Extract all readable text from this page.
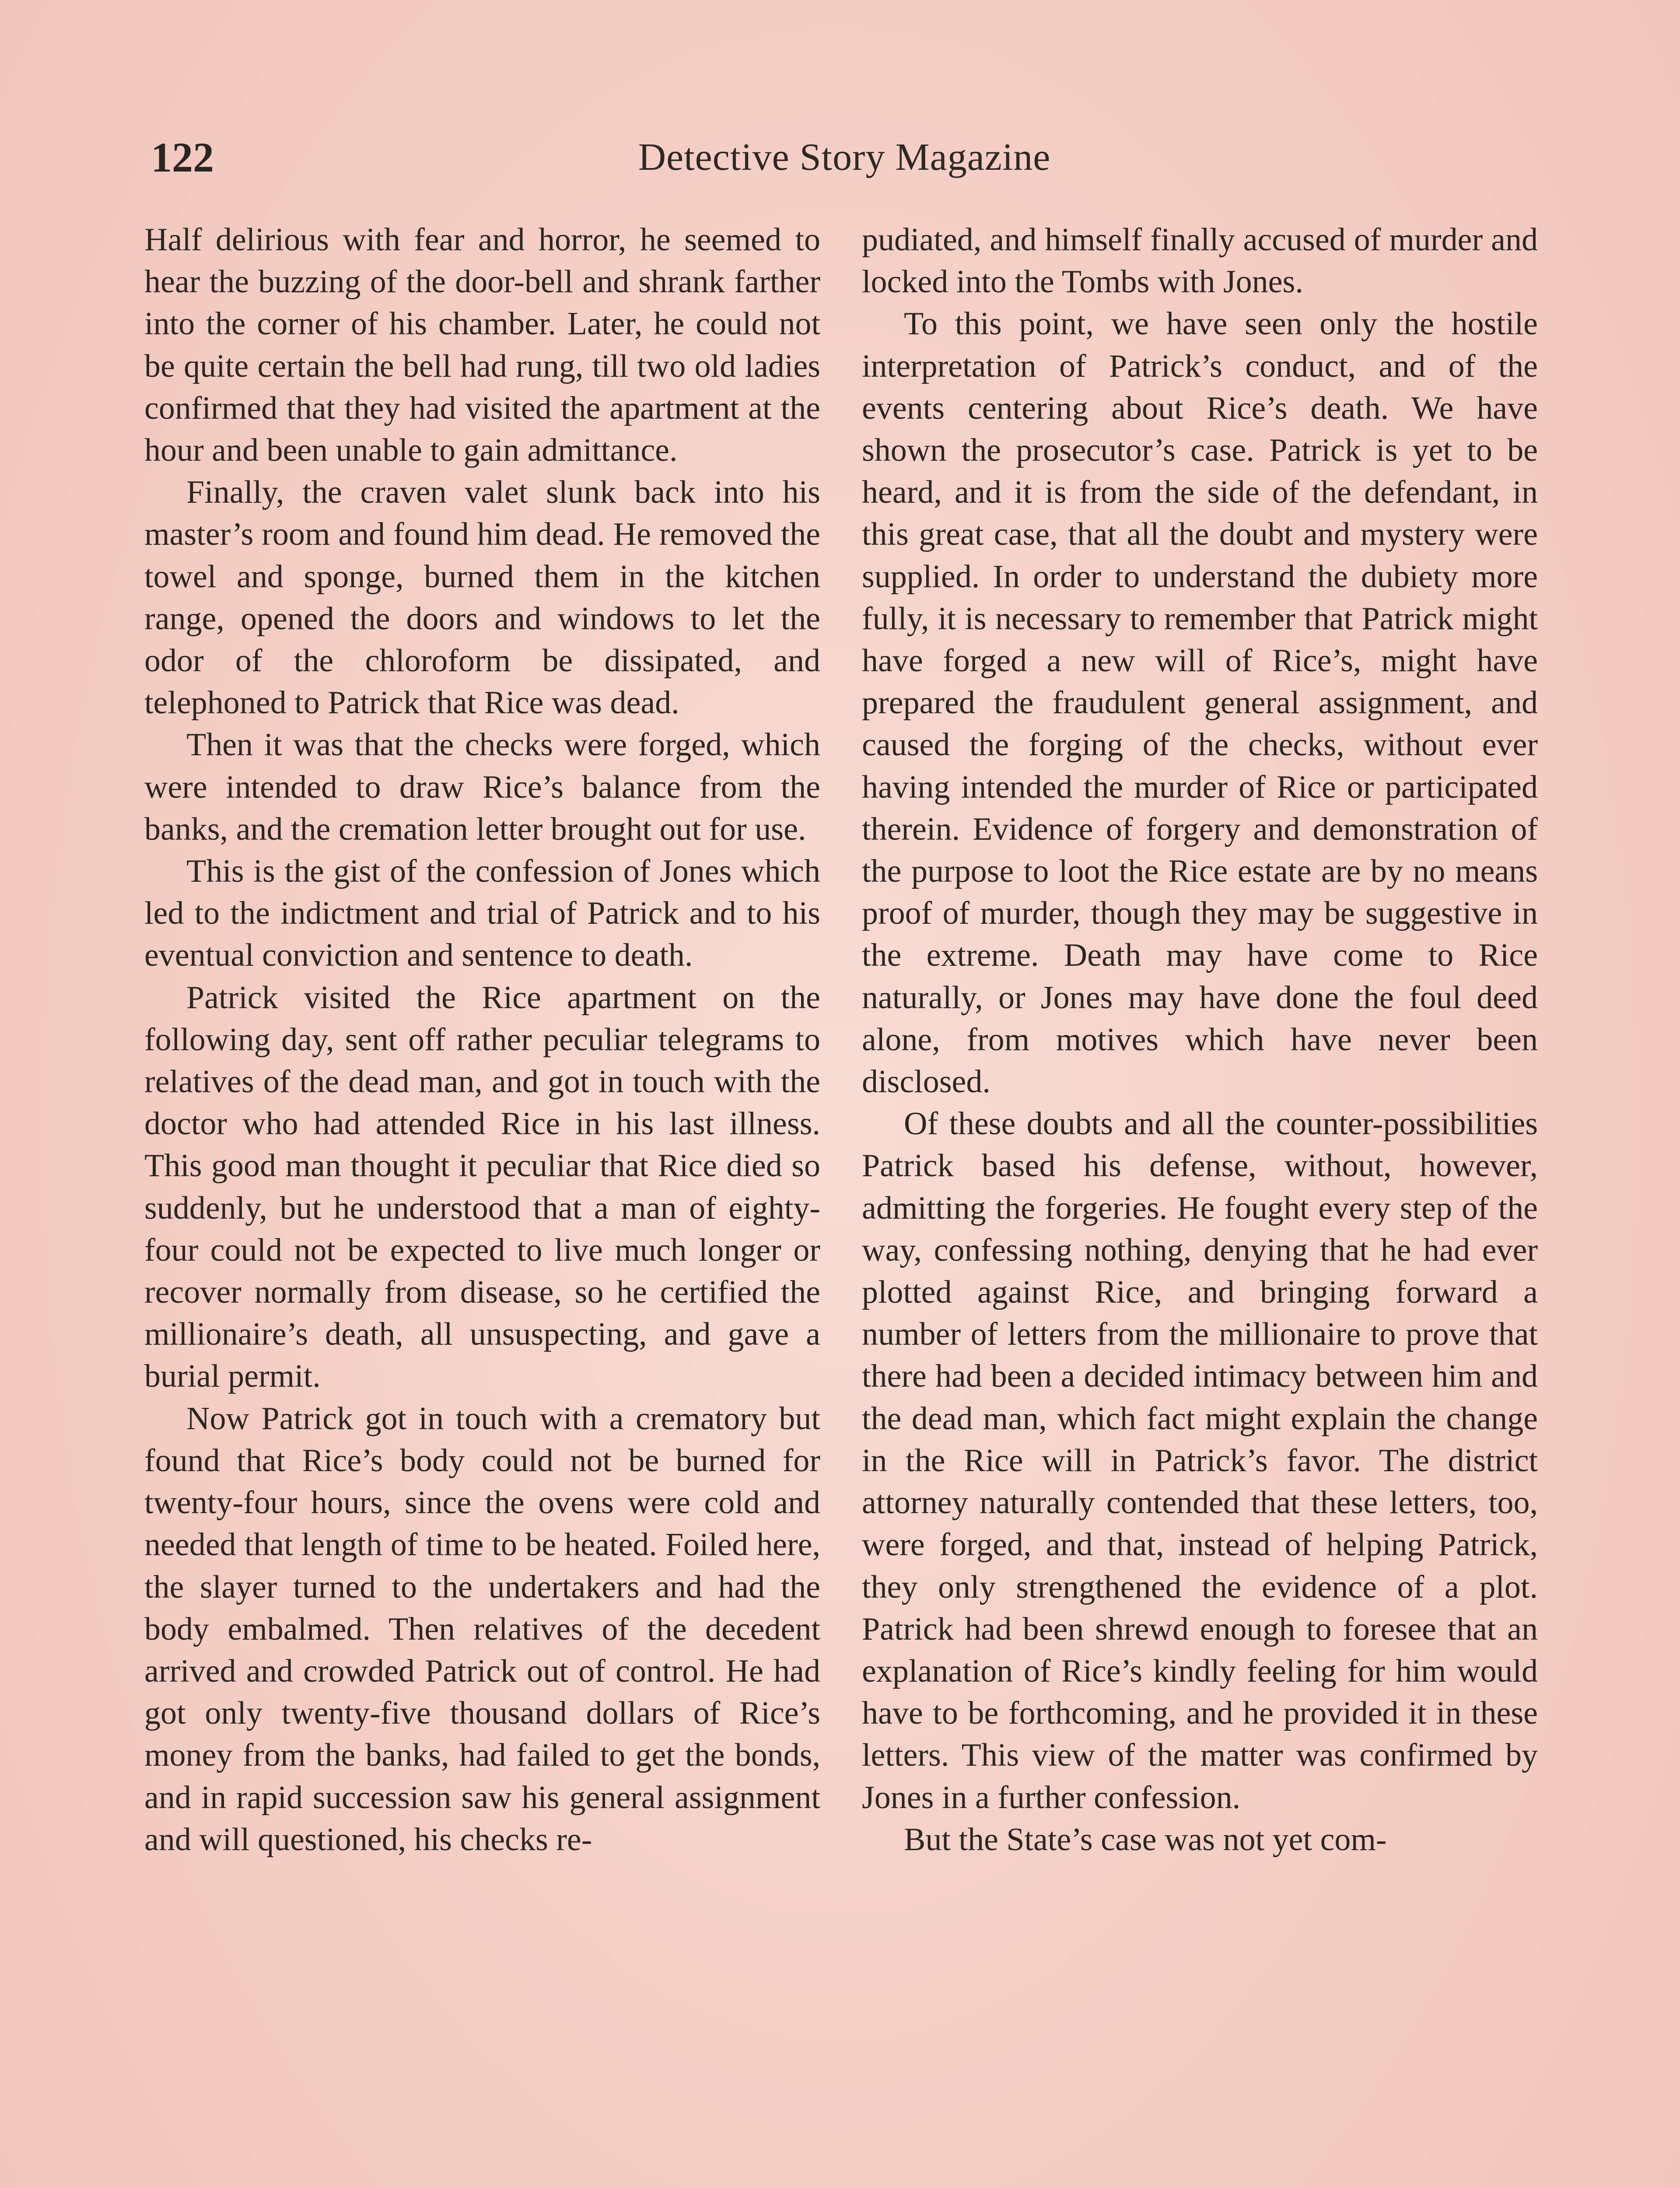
122	Detective Story Magazine

Half delirious with fear and horror, he seemed to hear the buzzing of the door-bell and shrank farther into the corner of his chamber. Later, he could not be quite certain the bell had rung, till two old ladies confirmed that they had visited the apartment at the hour and been unable to gain admittance.

Finally, the craven valet slunk back into his master’s room and found him dead. He removed the towel and sponge, burned them in the kitchen range, opened the doors and windows to let the odor of the chloroform be dissipated, and telephoned to Patrick that Rice was dead.

Then it was that the checks were forged, which were intended to draw Rice’s balance from the banks, and the cremation letter brought out for use.

This is the gist of the confession of Jones which led to the indictment and trial of Patrick and to his eventual conviction and sentence to death.

Patrick visited the Rice apartment on the following day, sent off rather peculiar telegrams to relatives of the dead man, and got in touch with the doctor who had attended Rice in his last illness. This good man thought it peculiar that Rice died so suddenly, but he understood that a man of eighty-four could not be expected to live much longer or recover normally from disease, so he certified the millionaire’s death, all unsuspecting, and gave a burial permit.

Now Patrick got in touch with a crematory but found that Rice’s body could not be burned for twenty-four hours, since the ovens were cold and needed that length of time to be heated. Foiled here, the slayer turned to the undertakers and had the body embalmed. Then relatives of the decedent arrived and crowded Patrick out of control. He had got only twenty-five thousand dollars of Rice’s money from the banks, had failed to get the bonds, and in rapid succession saw his general assignment and will questioned, his checks re-

pudiated, and himself finally accused of murder and locked into the Tombs with Jones.

To this point, we have seen only the hostile interpretation of Patrick’s conduct, and of the events centering about Rice’s death. We have shown the prosecutor’s case. Patrick is yet to be heard, and it is from the side of the defendant, in this great case, that all the doubt and mystery were supplied. In order to understand the dubiety more fully, it is necessary to remember that Patrick might have forged a new will of Rice’s, might have prepared the fraudulent general assignment, and caused the forging of the checks, without ever having intended the murder of Rice or participated therein. Evidence of forgery and demonstration of the purpose to loot the Rice estate are by no means proof of murder, though they may be suggestive in the extreme. Death may have come to Rice naturally, or Jones may have done the foul deed alone, from motives which have never been disclosed.

Of these doubts and all the counter-possibilities Patrick based his defense, without, however, admitting the forgeries. He fought every step of the way, confessing nothing, denying that he had ever plotted against Rice, and bringing forward a number of letters from the millionaire to prove that there had been a decided intimacy between him and the dead man, which fact might explain the change in the Rice will in Patrick’s favor. The district attorney naturally contended that these letters, too, were forged, and that, instead of helping Patrick, they only strengthened the evidence of a plot. Patrick had been shrewd enough to foresee that an explanation of Rice’s kindly feeling for him would have to be forthcoming, and he provided it in these letters. This view of the matter was confirmed by Jones in a further confession.

But the State’s case was not yet com-
